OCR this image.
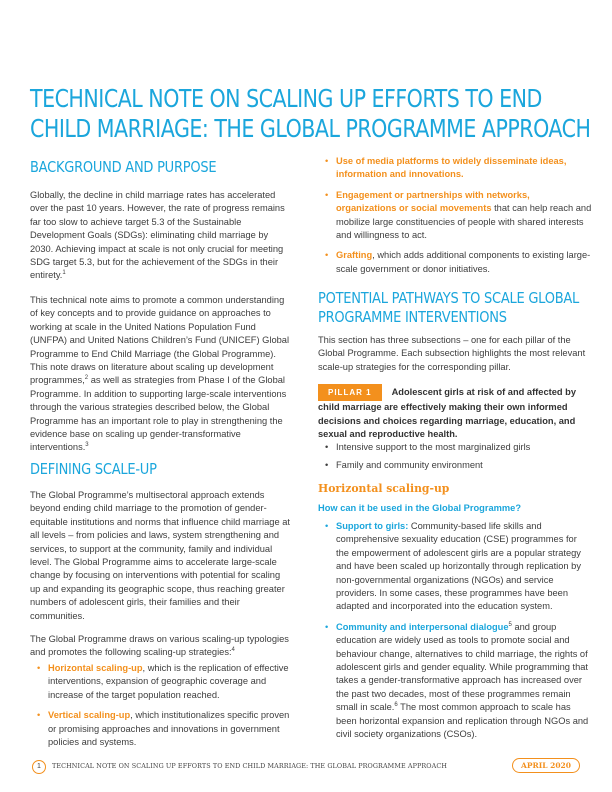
TECHNICAL NOTE ON SCALING UP EFFORTS TO END CHILD MARRIAGE: THE GLOBAL PROGRAMME APPROACH
BACKGROUND AND PURPOSE

Globally, the decline in child marriage rates has accelerated over the past 10 years. However, the rate of progress remains far too slow to achieve target 5.3 of the Sustainable Development Goals (SDGs): eliminating child marriage by 2030. Achieving impact at scale is not only crucial for meeting SDG target 5.3, but for the achievement of the SDGs in their entirety.$^1$

This technical note aims to promote a common understanding of key concepts and to provide guidance on approaches to working at scale in the United Nations Population Fund (UNFPA) and United Nations Children’s Fund (UNICEF) Global Programme to End Child Marriage (the Global Programme). This note draws on literature about scaling up development programmes,$^2$ as well as strategies from Phase I of the Global Programme. In addition to supporting large-scale interventions through the various strategies described below, the Global Programme has an important role to play in strengthening the evidence base on scaling up gender-transformative interventions.$^3$

DEFINING SCALE-UP

The Global Programme’s multisectoral approach extends beyond ending child marriage to the promotion of gender-equitable institutions and norms that influence child marriage at all levels – from policies and laws, system strengthening and services, to support at the community, family and individual level. The Global Programme aims to accelerate large-scale change by focusing on interventions with potential for scaling up and expanding its geographic scope, thus reaching greater numbers of adolescent girls, their families and their communities.

The Global Programme draws on various scaling-up typologies and promotes the following scaling-up strategies:$^4$

• Horizontal scaling-up, which is the replication of effective interventions, expansion of geographic coverage and increase of the target population reached.
• Vertical scaling-up, which institutionalizes specific proven or promising approaches and innovations in government policies and systems.
• Use of media platforms to widely disseminate ideas, information and innovations.
• Engagement or partnerships with networks, organizations or social movements that can help reach and mobilize large constituencies of people with shared interests and willingness to act.
• Grafting, which adds additional components to existing large-scale government or donor initiatives.
POTENTIAL PATHWAYS TO SCALE GLOBAL PROGRAMME INTERVENTIONS

This section has three subsections – one for each pillar of the Global Programme. Each subsection highlights the most relevant scale-up strategies for the corresponding pillar.

PILLAR 1 Adolescent girls at risk of and affected by child marriage are effectively making their own informed decisions and choices regarding marriage, education, and sexual and reproductive health.

• Intensive support to the most marginalized girls
• Family and community environment
Horizontal scaling-up

How can it be used in the Global Programme?

• Support to girls: Community-based life skills and comprehensive sexuality education (CSE) programmes for the empowerment of adolescent girls are a popular strategy and have been scaled up horizontally through replication by non-governmental organizations (NGOs) and service providers. In some cases, these programmes have been adapted and incorporated into the education system.
• Community and interpersonal dialogue$^5$ and group education are widely used as tools to promote social and behaviour change, alternatives to child marriage, the rights of adolescent girls and gender equality. While programming that takes a gender-transformative approach has increased over the past two decades, most of these programmes remain small in scale.$^6$ The most common approach to scale has been horizontal expansion and replication through NGOs and civil society organizations (CSOs).
1	TECHNICAL NOTE ON SCALING UP EFFORTS TO END CHILD MARRIAGE: THE GLOBAL PROGRAMME APPROACH	APRIL 2020
